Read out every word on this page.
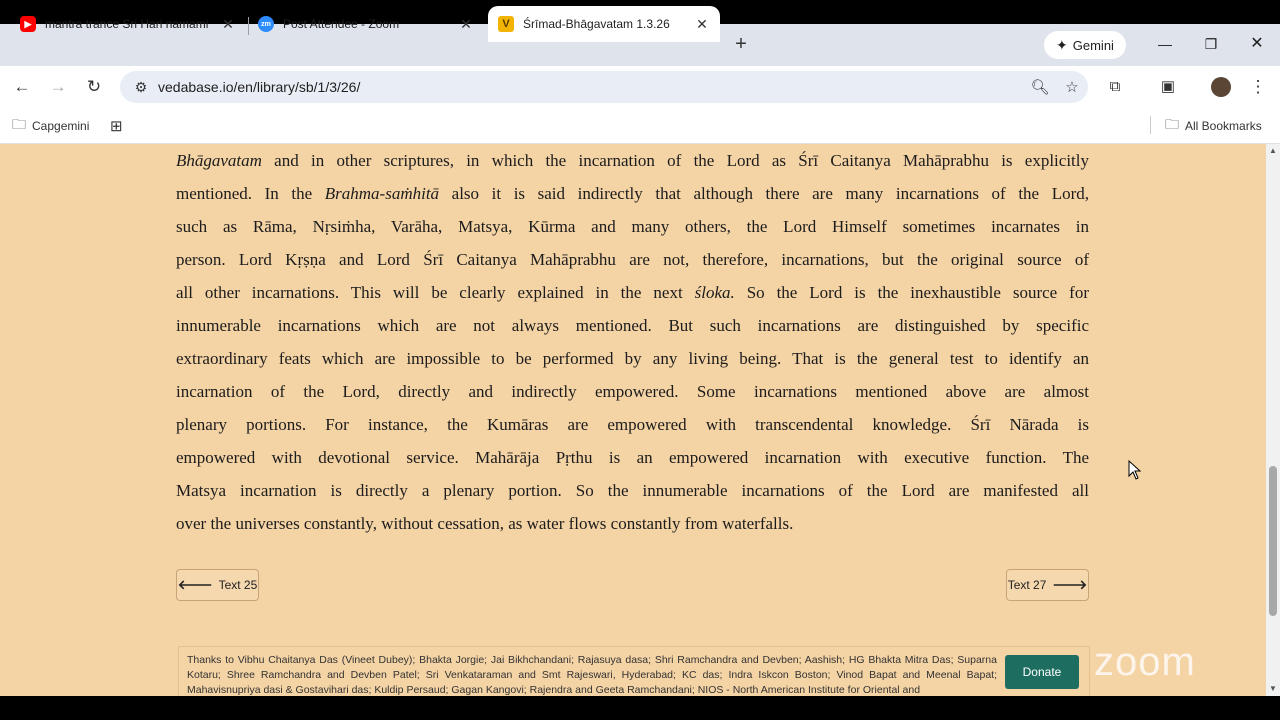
▶	mantra trance Sri Hari namami ✕	zm Post Attendee - Zoom	✕	V	Śrīmad-Bhāgavatam 1.3.26	✕
+	✦ Gemini	—	❐	✕
← → ↻	⚙ vedabase.io/en/library/sb/1/3/26/	🔍︎	☆	⧉	▣	⋮
🗀 Capgemini ⊞	🗀 All Bookmarks
Bhāgavatam and in other scriptures, in which the incarnation of the Lord as Śrī Caitanya Mahāprabhu is explicitly
mentioned. In the Brahma-saṁhitā also it is said indirectly that although there are many incarnations of the Lord,
such as Rāma, Nṛsiṁha, Varāha, Matsya, Kūrma and many others, the Lord Himself sometimes incarnates in
person. Lord Kṛṣṇa and Lord Śrī Caitanya Mahāprabhu are not, therefore, incarnations, but the original source of
all other incarnations. This will be clearly explained in the next śloka. So the Lord is the inexhaustible source for
innumerable incarnations which are not always mentioned. But such incarnations are distinguished by specific
extraordinary feats which are impossible to be performed by any living being. That is the general test to identify an
incarnation of the Lord, directly and indirectly empowered. Some incarnations mentioned above are almost
plenary portions. For instance, the Kumāras are empowered with transcendental knowledge. Śrī Nārada is
empowered with devotional service. Mahārāja Pṛthu is an empowered incarnation with executive function. The
Matsya incarnation is directly a plenary portion. So the innumerable incarnations of the Lord are manifested all
over the universes constantly, without cessation, as water flows constantly from waterfalls.
🡐 Text 25	Text 27 🡒
Thanks to Vibhu Chaitanya Das (Vineet Dubey); Bhakta Jorgie; Jai Bikhchandani; Rajasuya dasa; Shri Ramchandra and Devben; Aashish; HG Bhakta Mitra Das; Suparna Kotaru; Shree Ramchandra and Devben Patel; Sri Venkataraman and Smt Rajeswari, Hyderabad; KC das; Indra Iskcon Boston; Vinod Bapat and Meenal Bapat; Mahavisnupriya dasi & Gostavihari das; Kuldip Persaud; Gagan Kangovi; Rajendra and Geeta Ramchandani; NIOS - North American Institute for Oriental and
Donate zoom
▲
▼
